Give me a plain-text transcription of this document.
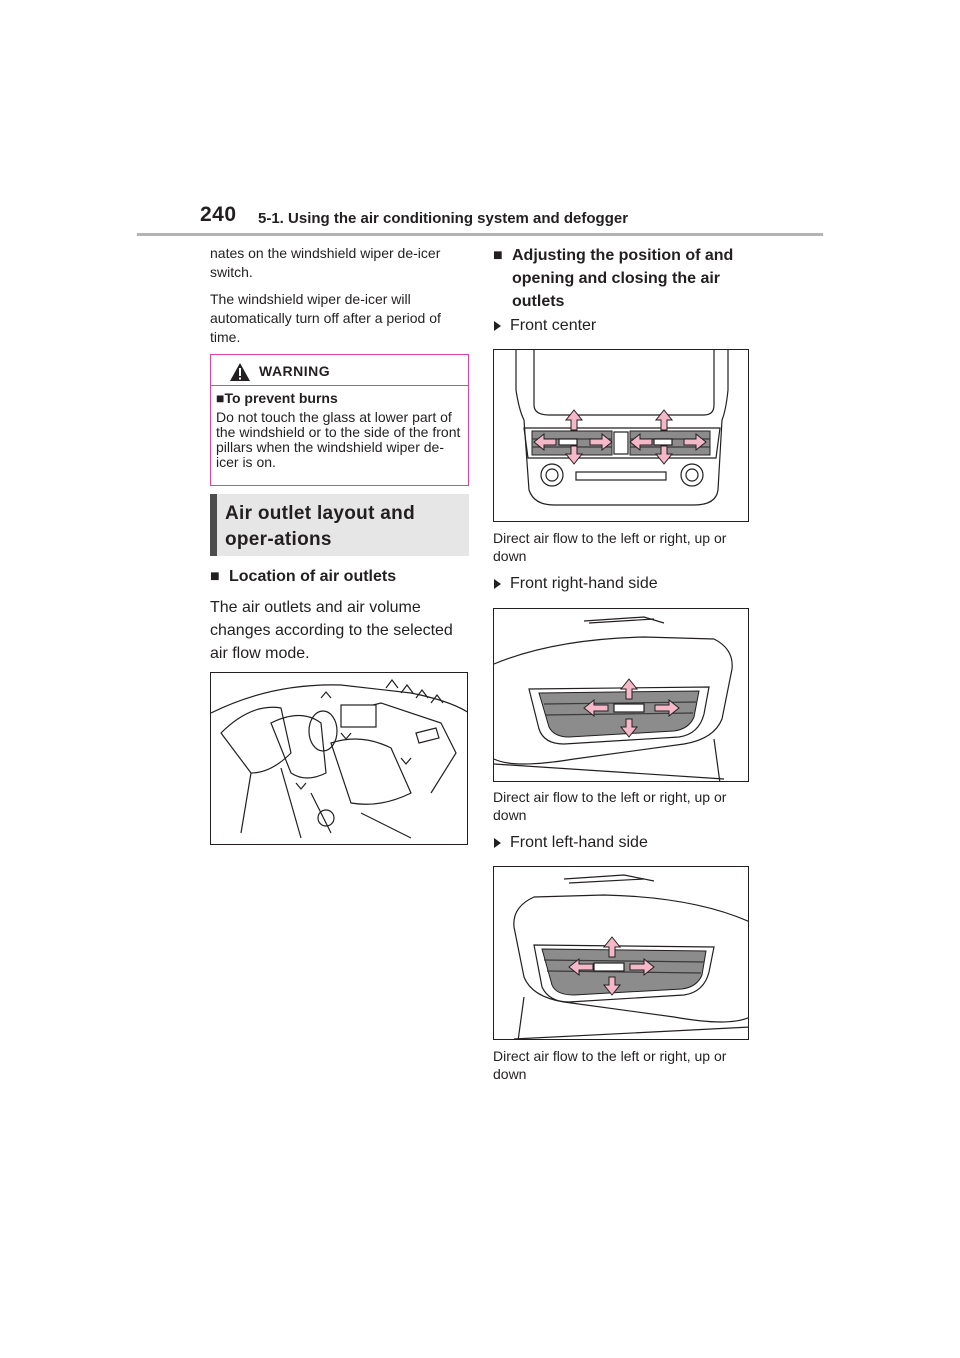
240 5-1. Using the air conditioning system and defogger

nates on the windshield wiper de-icer switch.

The windshield wiper de-icer will automatically turn off after a period of time.

WARNING
■To prevent burns

Do not touch the glass at lower part of the windshield or to the side of the front pillars when the windshield wiper de-icer is on.

Air outlet layout and oper-ations
■ Location of air outlets

The air outlets and air volume changes according to the selected air flow mode.

■ Adjusting the position of and opening and closing the air outlets
Front center
Direct air flow to the left or right, up or down
Front right-hand side
Direct air flow to the left or right, up or down
Front left-hand side
Direct air flow to the left or right, up or down
